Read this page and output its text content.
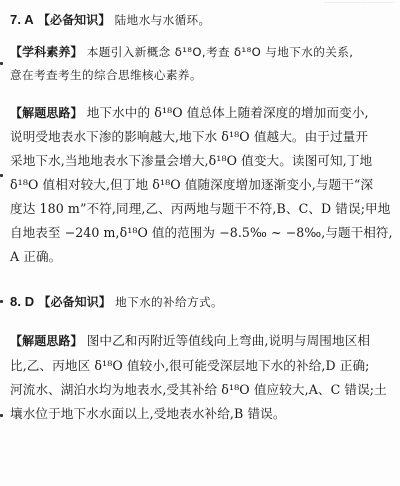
……………………………………
7. A 【必备知识】 陆地水与水循环。
【学科素养】 本题引入新概念 δ¹⁸O,考查 δ¹⁸O 与地下水的关系,
意在考查考生的综合思维核心素养。
【解题思路】 地下水中的 δ¹⁸O 值总体上随着深度的增加而变小,
说明受地表水下渗的影响越大,地下水 δ¹⁸O 值越大。由于过量开
采地下水,当地地表水下渗量会增大,δ¹⁸O 值变大。读图可知,丁地
δ¹⁸O 值相对较大,但丁地 δ¹⁸O 值随深度增加逐渐变小,与题干“深
度达 180 m”不符,同理,乙、丙两地与题干不符,B、C、D 错误;甲地
自地表至 −240 m,δ¹⁸O 值的范围为 −8.5‰ ~ −8‰,与题干相符,
A 正确。
8. D 【必备知识】 地下水的补给方式。
【解题思路】 图中乙和丙附近等值线向上弯曲,说明与周围地区相
比,乙、丙地区 δ¹⁸O 值较小,很可能受深层地下水的补给,D 正确;
河流水、湖泊水均为地表水,受其补给 δ¹⁸O 值应较大,A、C 错误;土
壤水位于地下水水面以上,受地表水补给,B 错误。
